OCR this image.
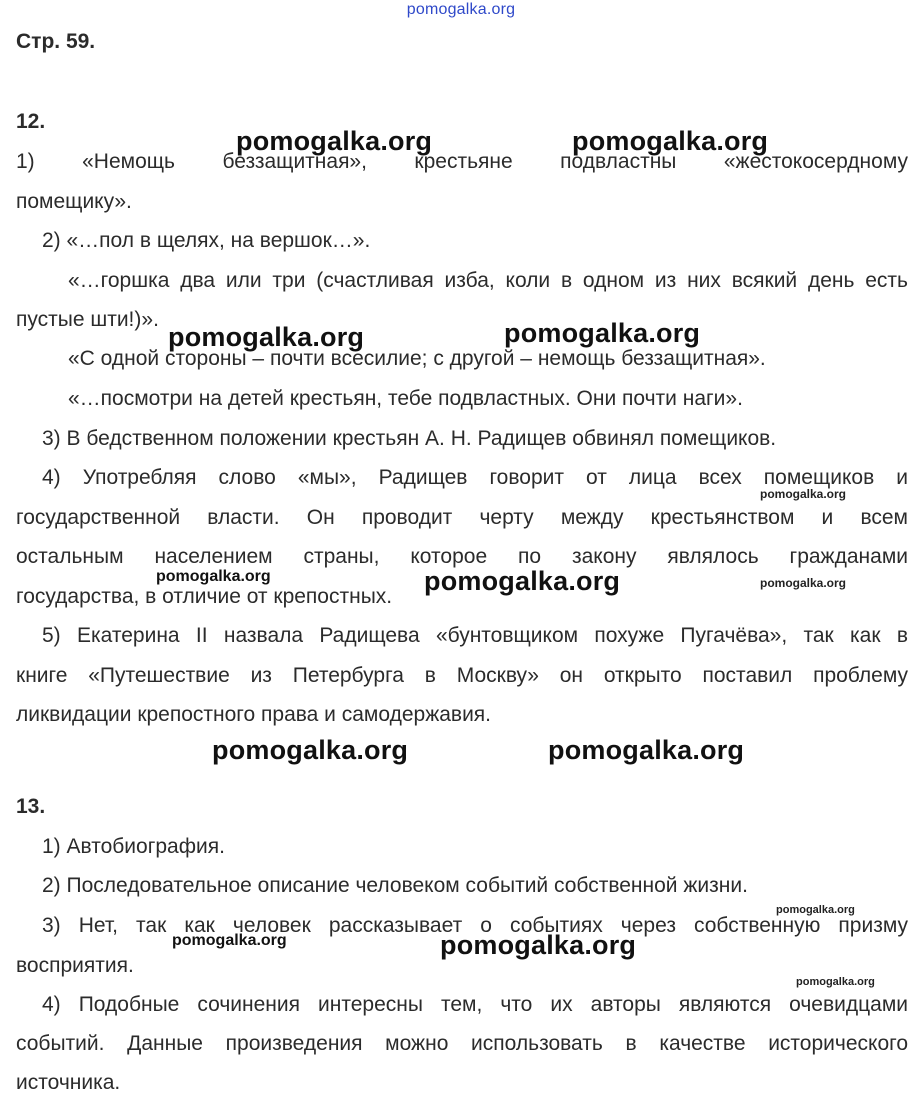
pomogalka.org
Стр. 59.
12.
1) «Немощь беззащитная», крестьяне подвластны «жестокосердному
помещику».
2) «…пол в щелях, на вершок…».
«…горшка два или три (счастливая изба, коли в одном из них всякий день есть
пустые шти!)».
«С одной стороны – почти всесилие; с другой – немощь беззащитная».
«…посмотри на детей крестьян, тебе подвластных. Они почти наги».
3) В бедственном положении крестьян А. Н. Радищев обвинял помещиков.
4) Употребляя слово «мы», Радищев говорит от лица всех помещиков и
государственной власти. Он проводит черту между крестьянством и всем
остальным населением страны, которое по закону являлось гражданами
государства, в отличие от крепостных.
5) Екатерина II назвала Радищева «бунтовщиком похуже Пугачёва», так как в
книге «Путешествие из Петербурга в Москву» он открыто поставил проблему
ликвидации крепостного права и самодержавия.
13.
1) Автобиография.
2) Последовательное описание человеком событий собственной жизни.
3) Нет, так как человек рассказывает о событиях через собственную призму
восприятия.
4) Подобные сочинения интересны тем, что их авторы являются очевидцами
событий. Данные произведения можно использовать в качестве исторического
источника.
pomogalka.org	pomogalka.org
pomogalka.org	pomogalka.org
pomogalka.org
pomogalka.org	pomogalka.org	pomogalka.org
pomogalka.org	pomogalka.org
pomogalka.org
pomogalka.org	pomogalka.org
pomogalka.org
